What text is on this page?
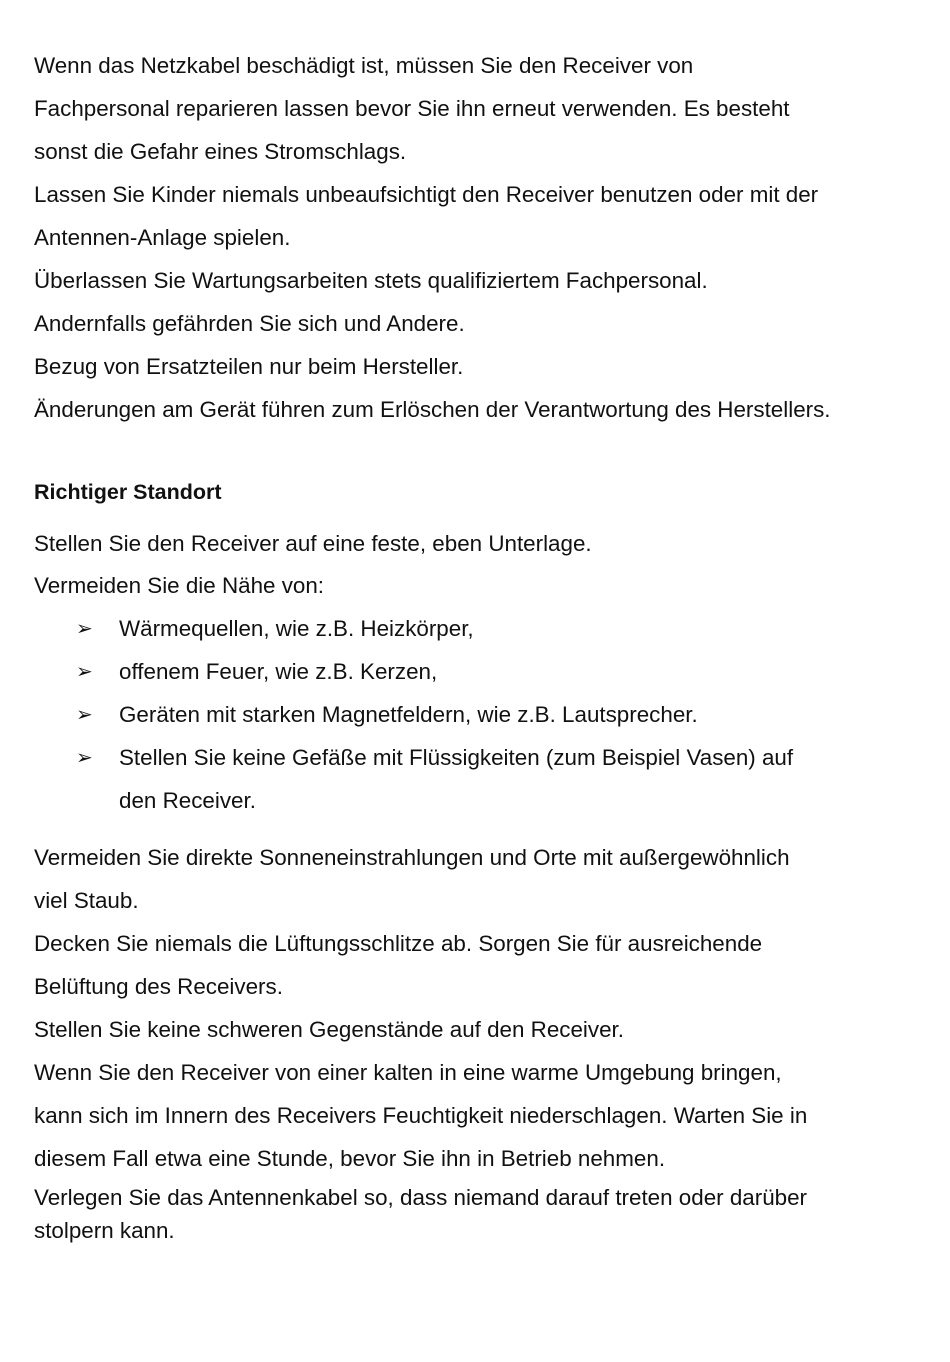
Wenn das Netzkabel beschädigt ist, müssen Sie den Receiver von
Fachpersonal reparieren lassen bevor Sie ihn erneut verwenden. Es besteht
sonst die Gefahr eines Stromschlags.
Lassen Sie Kinder niemals unbeaufsichtigt den Receiver benutzen oder mit der
Antennen-Anlage spielen.
Überlassen Sie Wartungsarbeiten stets qualifiziertem Fachpersonal.
Andernfalls gefährden Sie sich und Andere.
Bezug von Ersatzteilen nur beim Hersteller.
Änderungen am Gerät führen zum Erlöschen der Verantwortung des Herstellers.
Richtiger Standort
Stellen Sie den Receiver auf eine feste, eben Unterlage.
Vermeiden Sie die Nähe von:
➢ Wärmequellen, wie z.B. Heizkörper,
➢ offenem Feuer, wie z.B. Kerzen,
➢ Geräten mit starken Magnetfeldern, wie z.B. Lautsprecher.
➢ Stellen Sie keine Gefäße mit Flüssigkeiten (zum Beispiel Vasen) auf
den Receiver.
Vermeiden Sie direkte Sonneneinstrahlungen und Orte mit außergewöhnlich
viel Staub.
Decken Sie niemals die Lüftungsschlitze ab. Sorgen Sie für ausreichende
Belüftung des Receivers.
Stellen Sie keine schweren Gegenstände auf den Receiver.
Wenn Sie den Receiver von einer kalten in eine warme Umgebung bringen,
kann sich im Innern des Receivers Feuchtigkeit niederschlagen. Warten Sie in
diesem Fall etwa eine Stunde, bevor Sie ihn in Betrieb nehmen.
Verlegen Sie das Antennenkabel so, dass niemand darauf treten oder darüber
stolpern kann.
